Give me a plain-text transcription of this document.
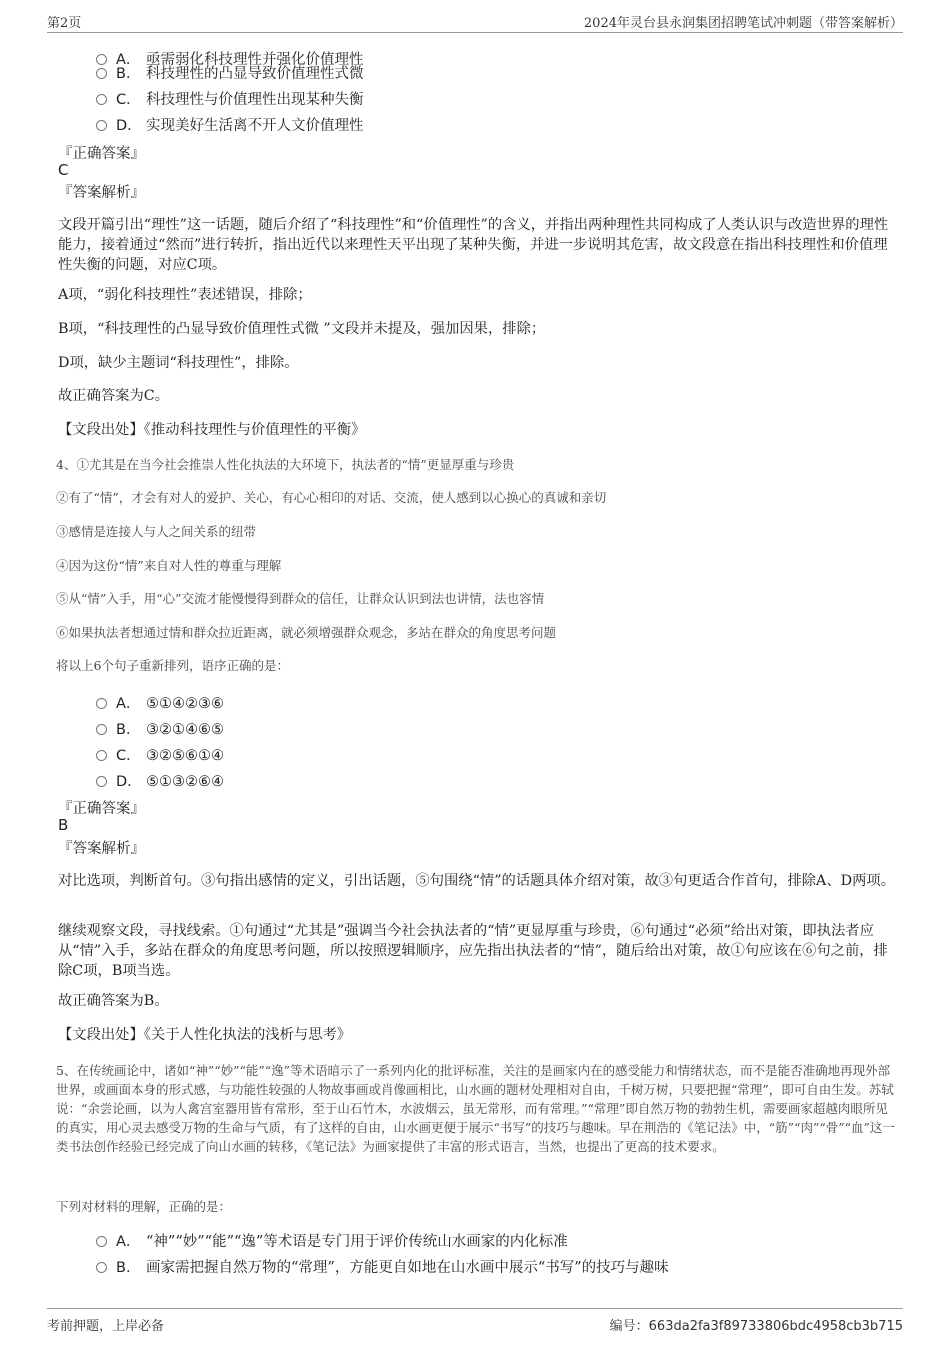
第2页	2024年灵台县永润集团招聘笔试冲刺题（带答案解析）
A． 亟需弱化科技理性并强化价值理性
B． 科技理性的凸显导致价值理性式微
C． 科技理性与价值理性出现某种失衡
D． 实现美好生活离不开人文价值理性
『正确答案』
C
『答案解析』
文段开篇引出“理性”这一话题，随后介绍了“科技理性”和“价值理性”的含义，并指出两种理性共同构成了人类认识与改造世界的理性能力，接着通过“然而”进行转折，指出近代以来理性天平出现了某种失衡，并进一步说明其危害，故文段意在指出科技理性和价值理性失衡的问题，对应C项。
A项，“弱化科技理性”表述错误，排除；
B项，“科技理性的凸显导致价值理性式微 ”文段并未提及，强加因果，排除；
D项，缺少主题词“科技理性”，排除。
故正确答案为C。
【文段出处】《推动科技理性与价值理性的平衡》
4、①尤其是在当今社会推崇人性化执法的大环境下，执法者的“情”更显厚重与珍贵
②有了“情”，才会有对人的爱护、关心，有心心相印的对话、交流，使人感到以心换心的真诚和亲切
③感情是连接人与人之间关系的纽带
④因为这份“情”来自对人性的尊重与理解
⑤从“情”入手，用“心”交流才能慢慢得到群众的信任，让群众认识到法也讲情，法也容情
⑥如果执法者想通过情和群众拉近距离，就必须增强群众观念，多站在群众的角度思考问题
将以上6个句子重新排列，语序正确的是：
A． ⑤①④②③⑥
B． ③②①④⑥⑤
C． ③②⑤⑥①④
D． ⑤①③②⑥④
『正确答案』
B
『答案解析』
对比选项，判断首句。③句指出感情的定义，引出话题，⑤句围绕“情”的话题具体介绍对策，故③句更适合作首句，排除A、D两项。
继续观察文段，寻找线索。①句通过“尤其是”强调当今社会执法者的“情”更显厚重与珍贵，⑥句通过“必须”给出对策，即执法者应从“情”入手，多站在群众的角度思考问题，所以按照逻辑顺序，应先指出执法者的“情”，随后给出对策，故①句应该在⑥句之前，排除C项，B项当选。
故正确答案为B。
【文段出处】《关于人性化执法的浅析与思考》
5、在传统画论中，诸如“神”“妙”“能”“逸”等术语暗示了一系列内化的批评标准，关注的是画家内在的感受能力和情绪状态，而不是能否准确地再现外部世界，或画面本身的形式感，与功能性较强的人物故事画或肖像画相比，山水画的题材处理相对自由，千树万树，只要把握“常理”，即可自由生发。苏轼说：“余尝论画，以为人禽宫室器用皆有常形，至于山石竹木，水波烟云，虽无常形，而有常理。”“常理”即自然万物的勃勃生机，需要画家超越肉眼所见的真实，用心灵去感受万物的生命与气质，有了这样的自由，山水画更便于展示“书写”的技巧与趣味。早在荆浩的《笔记法》中，“筋”“肉”“骨”“血”这一类书法创作经验已经完成了向山水画的转移，《笔记法》为画家提供了丰富的形式语言，当然，也提出了更高的技术要求。
下列对材料的理解，正确的是：
A． “神”“妙”“能”“逸”等术语是专门用于评价传统山水画家的内化标准
B． 画家需把握自然万物的“常理”，方能更自如地在山水画中展示“书写”的技巧与趣味
考前押题，上岸必备	编号：663da2fa3f89733806bdc4958cb3b715
